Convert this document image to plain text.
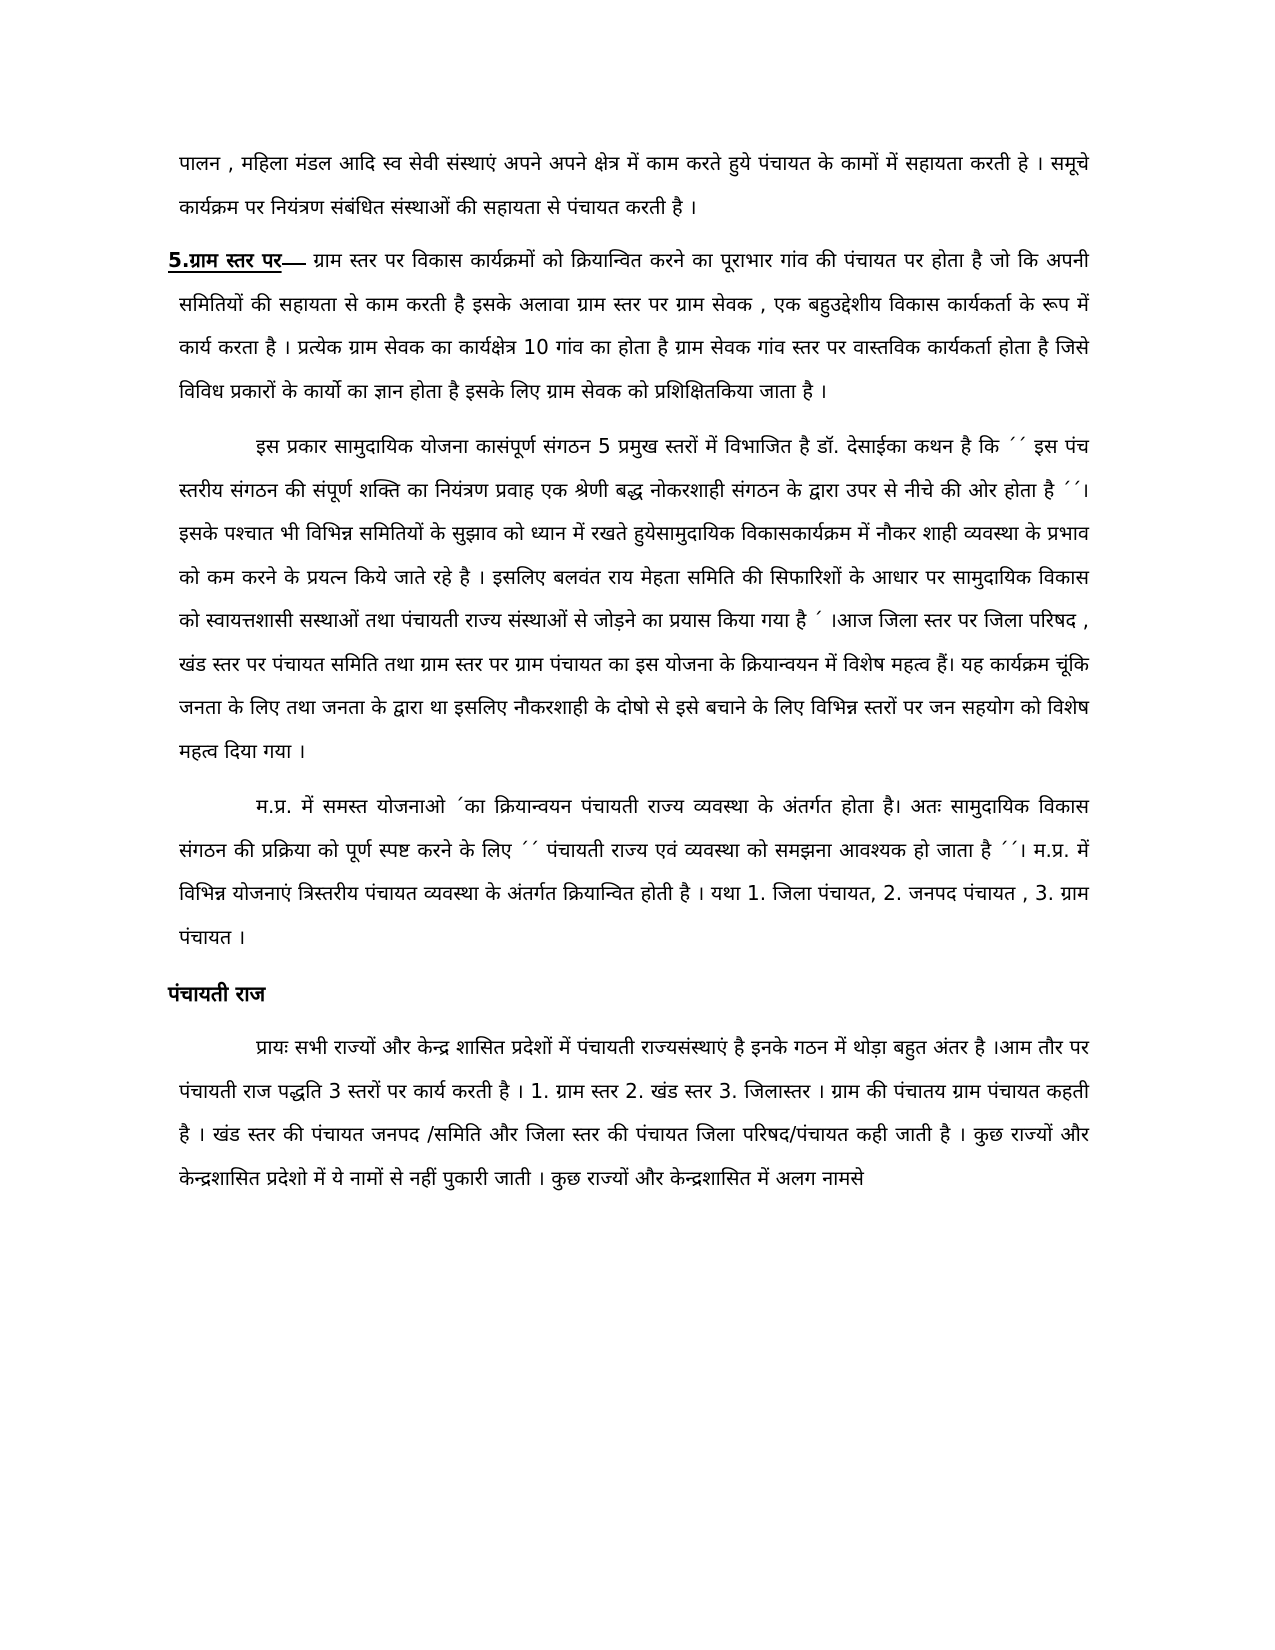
पालन , महिला मंडल आदि स्व सेवी संस्थाएं अपने अपने क्षेत्र में काम करते हुये पंचायत के कामों में सहायता करती हे । समूचे कार्यक्रम पर नियंत्रण संबंधित संस्थाओं की सहायता से पंचायत करती है ।

5.ग्राम स्तर पर ग्राम स्तर पर विकास कार्यक्रमों को क्रियान्वित करने का पूराभार गांव की पंचायत पर होता है जो कि अपनी समितियों की सहायता से काम करती है इसके अलावा ग्राम स्तर पर ग्राम सेवक , एक बहुउद्देशीय विकास कार्यकर्ता के रूप में कार्य करता है । प्रत्येक ग्राम सेवक का कार्यक्षेत्र 10 गांव का होता है ग्राम सेवक गांव स्तर पर वास्तविक कार्यकर्ता होता है जिसे विविध प्रकारों के कार्यो का ज्ञान होता है इसके लिए ग्राम सेवक को प्रशिक्षितकिया जाता है ।

इस प्रकार सामुदायिक योजना कासंपूर्ण संगठन 5 प्रमुख स्तरों में विभाजित है डॉ. देसाईका कथन है कि ´´ इस पंच स्तरीय संगठन की संपूर्ण शक्ति का नियंत्रण प्रवाह एक श्रेणी बद्ध नोकरशाही संगठन के द्वारा उपर से नीचे की ओर होता है ´´। इसके पश्चात भी विभिन्न समितियों के सुझाव को ध्यान में रखते हुयेसामुदायिक विकासकार्यक्रम में नौकर शाही व्यवस्था के प्रभाव को कम करने के प्रयत्न किये जाते रहे है । इसलिए बलवंत राय मेहता समिति की सिफारिशों के आधार पर सामुदायिक विकास को स्वायत्तशासी सस्थाओं तथा पंचायती राज्य संस्थाओं से जोड़ने का प्रयास किया गया है ´ ।आज जिला स्तर पर जिला परिषद , खंड स्तर पर पंचायत समिति तथा ग्राम स्तर पर ग्राम पंचायत का इस योजना के क्रियान्वयन में विशेष महत्व हैं। यह कार्यक्रम चूंकि जनता के लिए तथा जनता के द्वारा था इसलिए नौकरशाही के दोषो से इसे बचाने के लिए विभिन्न स्तरों पर जन सहयोग को विशेष महत्व दिया गया ।

म.प्र. में समस्त योजनाओ ´का क्रियान्वयन पंचायती राज्य व्यवस्था के अंतर्गत होता है। अतः सामुदायिक विकास संगठन की प्रक्रिया को पूर्ण स्पष्ट करने के लिए ´´ पंचायती राज्य एवं व्यवस्था को समझना आवश्यक हो जाता है ´´। म.प्र. में विभिन्न योजनाएं त्रिस्तरीय पंचायत व्यवस्था के अंतर्गत क्रियान्वित होती है । यथा 1. जिला पंचायत, 2. जनपद पंचायत , 3. ग्राम पंचायत ।

पंचायती राज

प्रायः सभी राज्यों और केन्द्र शासित प्रदेशों में पंचायती राज्यसंस्थाएं है इनके गठन में थोड़ा बहुत अंतर है ।आम तौर पर पंचायती राज पद्धति 3 स्तरों पर कार्य करती है । 1. ग्राम स्तर 2. खंड स्तर 3. जिलास्तर । ग्राम की पंचातय ग्राम पंचायत कहती है । खंड स्तर की पंचायत जनपद /समिति और जिला स्तर की पंचायत जिला परिषद/पंचायत कही जाती है । कुछ राज्यों और केन्द्रशासित प्रदेशो में ये नामों से नहीं पुकारी जाती । कुछ राज्यों और केन्द्रशासित में अलग नामसे
